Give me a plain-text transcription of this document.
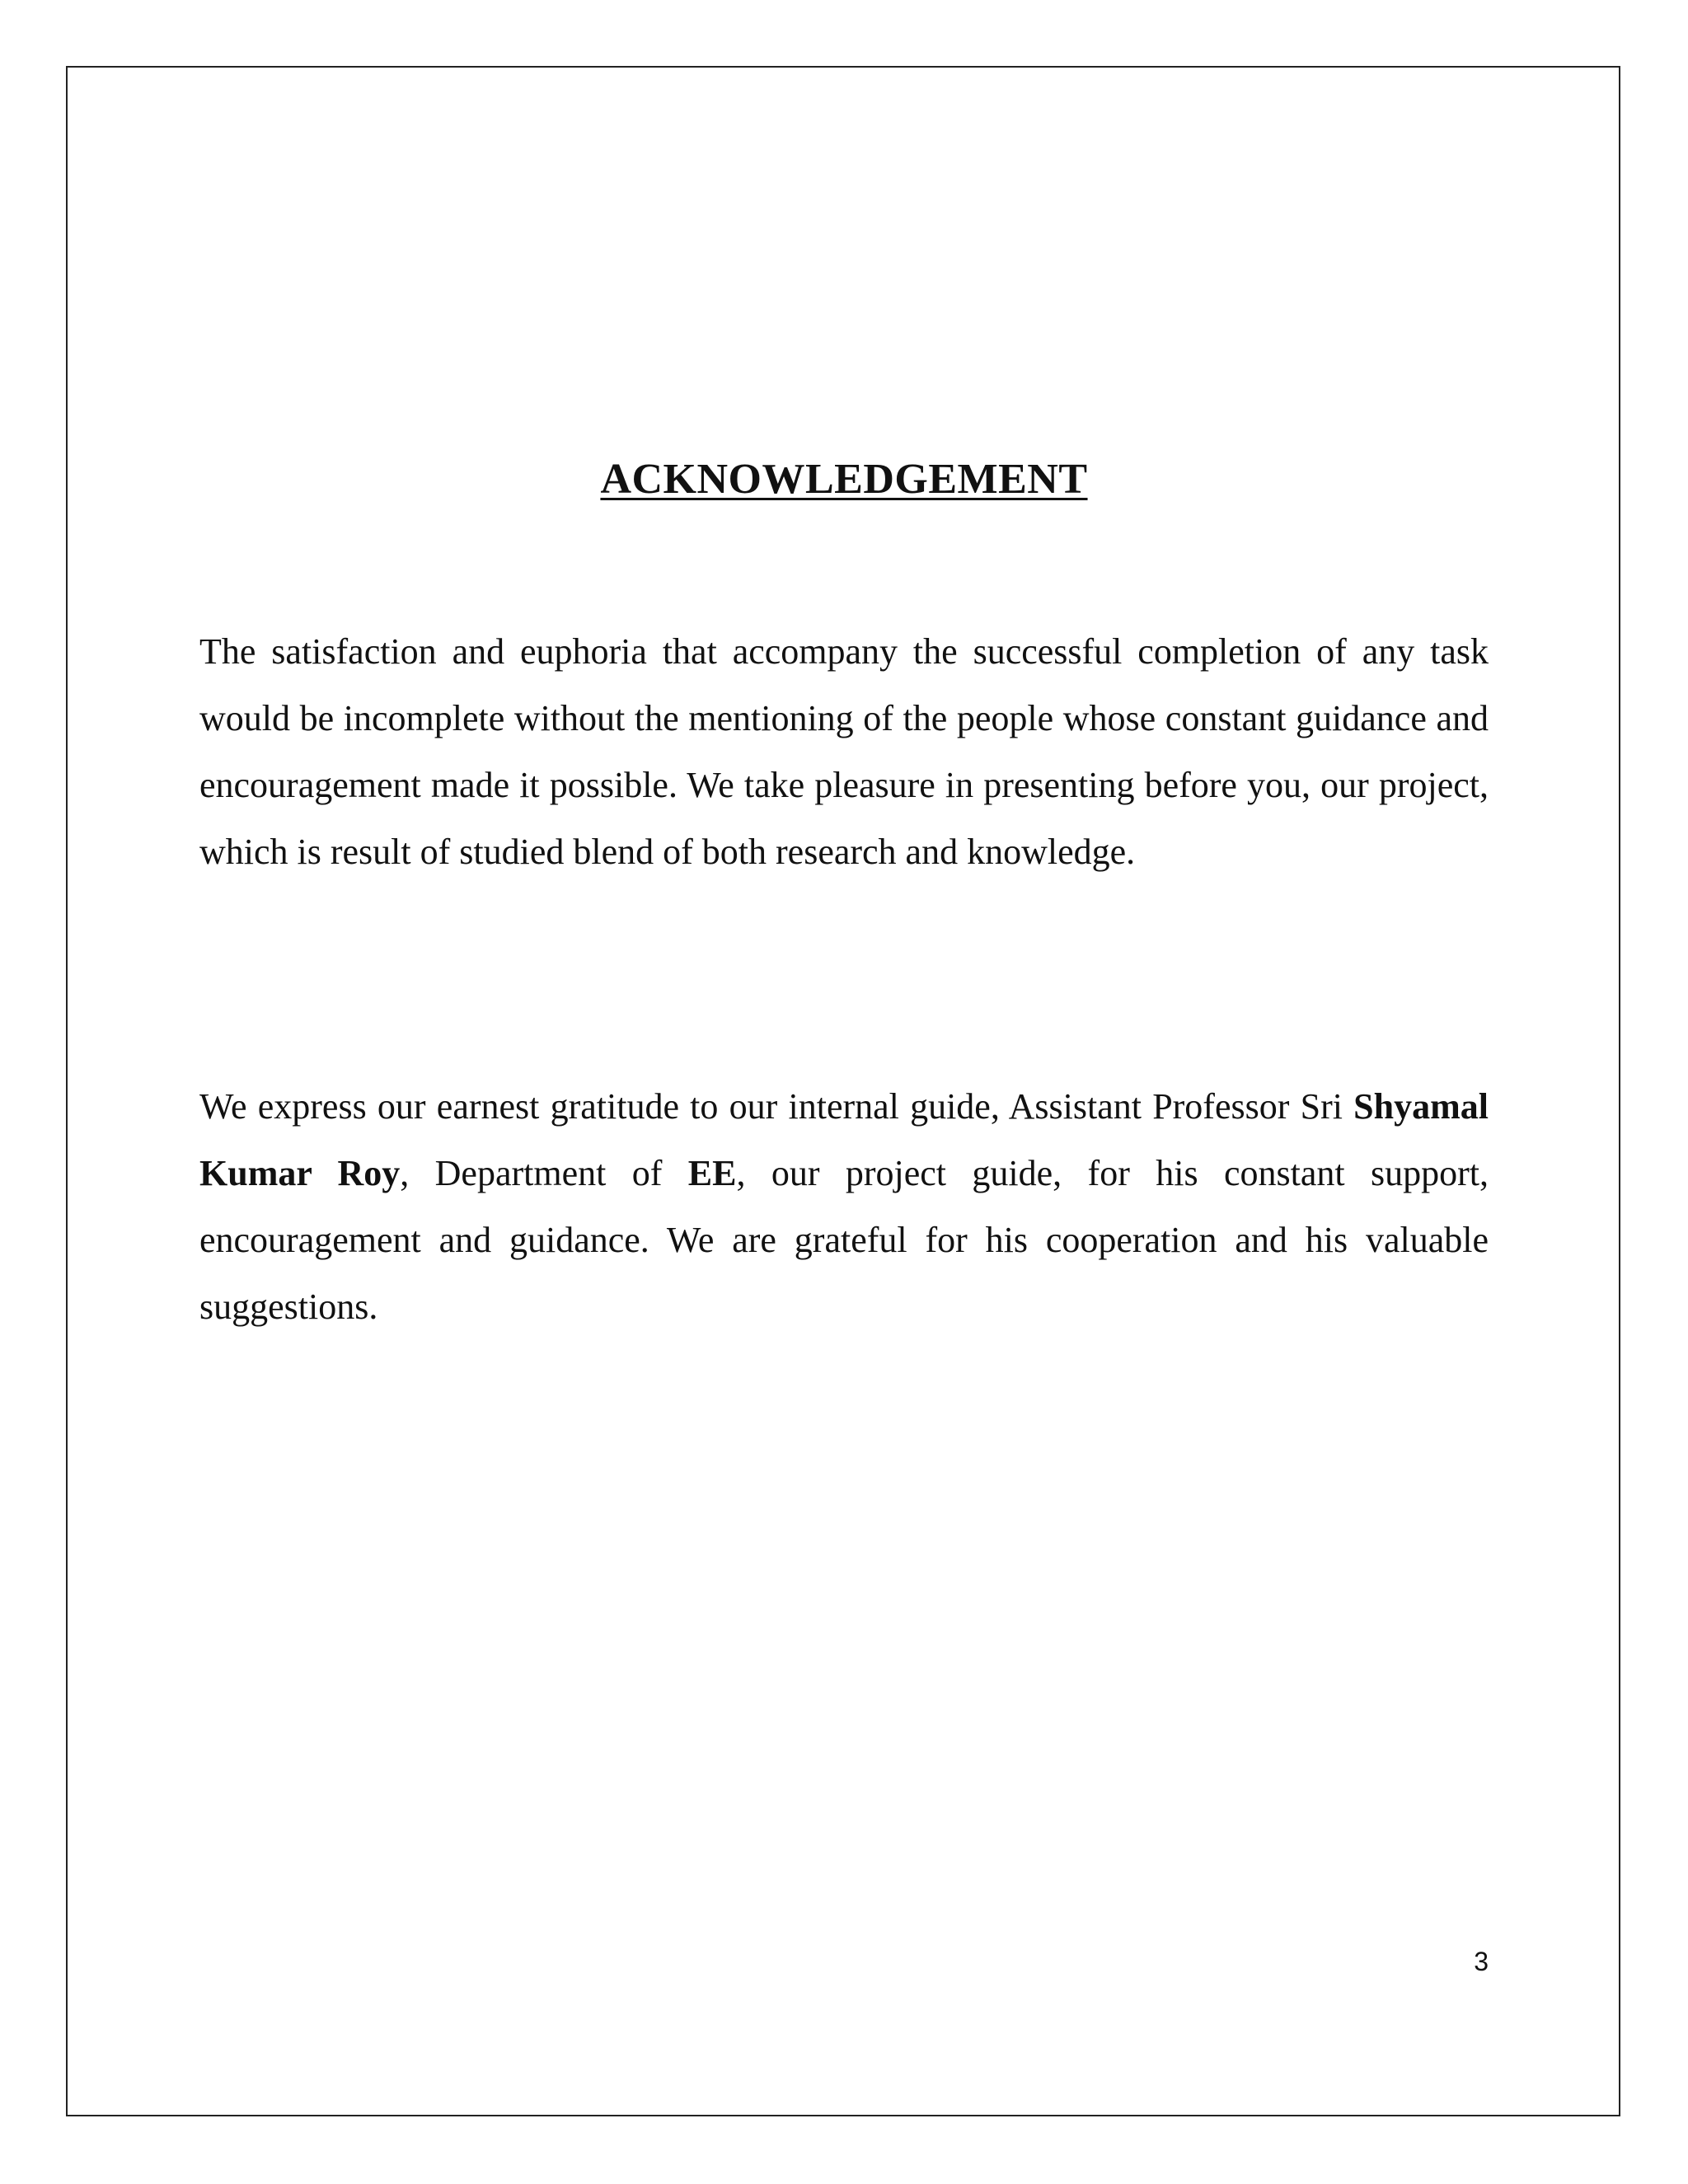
ACKNOWLEDGEMENT

The satisfaction and euphoria that accompany the successful completion of any task would be incomplete without the mentioning of the people whose constant guidance and encouragement made it possible. We take pleasure in presenting before you, our project, which is result of studied blend of both research and knowledge.

We express our earnest gratitude to our internal guide, Assistant Professor Sri Shyamal Kumar Roy, Department of EE, our project guide, for his constant support, encouragement and guidance. We are grateful for his cooperation and his valuable suggestions.

3
